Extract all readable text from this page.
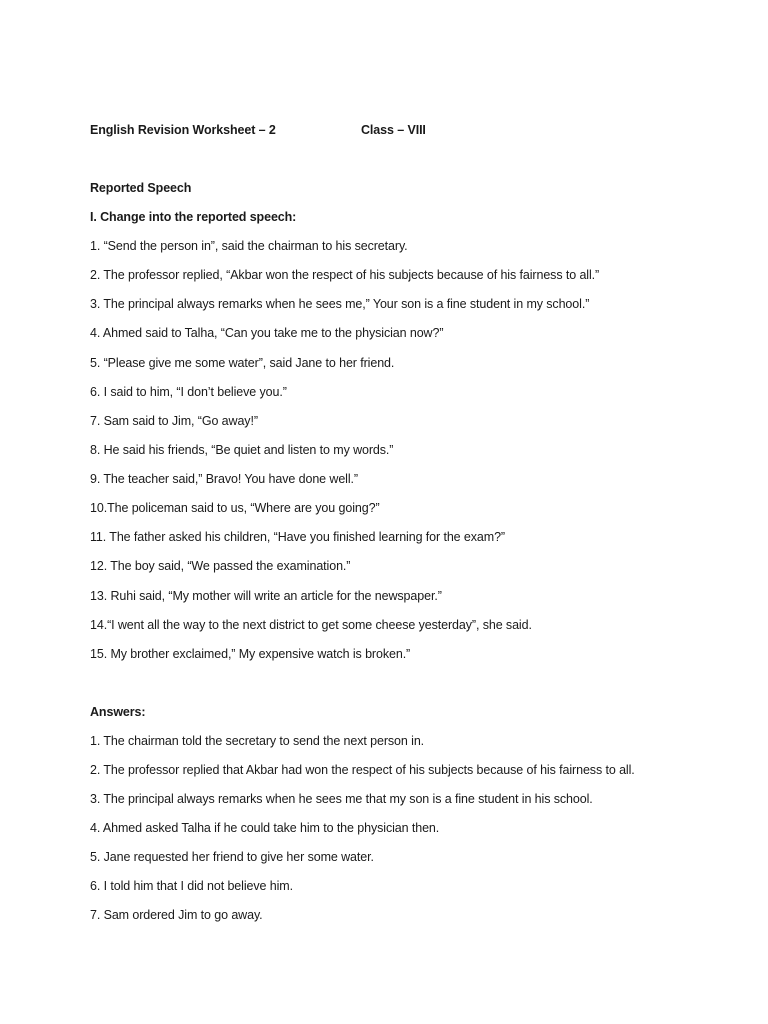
English Revision Worksheet – 2	Class – VIII
Reported Speech
I. Change into the reported speech:
1. “Send the person in”, said the chairman to his secretary.
2. The professor replied, “Akbar won the respect of his subjects because of his fairness to all.”
3. The principal always remarks when he sees me,” Your son is a fine student in my school.”
4. Ahmed said to Talha, “Can you take me to the physician now?”
5. “Please give me some water”, said Jane to her friend.
6. I said to him, “I don’t believe you.”
7. Sam said to Jim, “Go away!”
8. He said his friends, “Be quiet and listen to my words.”
9. The teacher said,” Bravo! You have done well.”
10.The policeman said to us, “Where are you going?”
11. The father asked his children, “Have you finished learning for the exam?”
12. The boy said, “We passed the examination.”
13. Ruhi said, “My mother will write an article for the newspaper.”
14.“I went all the way to the next district to get some cheese yesterday”, she said.
15. My brother exclaimed,” My expensive watch is broken.”
Answers:
1. The chairman told the secretary to send the next person in.
2. The professor replied that Akbar had won the respect of his subjects because of his fairness to all.
3. The principal always remarks when he sees me that my son is a fine student in his school.
4. Ahmed asked Talha if he could take him to the physician then.
5. Jane requested her friend to give her some water.
6. I told him that I did not believe him.
7. Sam ordered Jim to go away.
